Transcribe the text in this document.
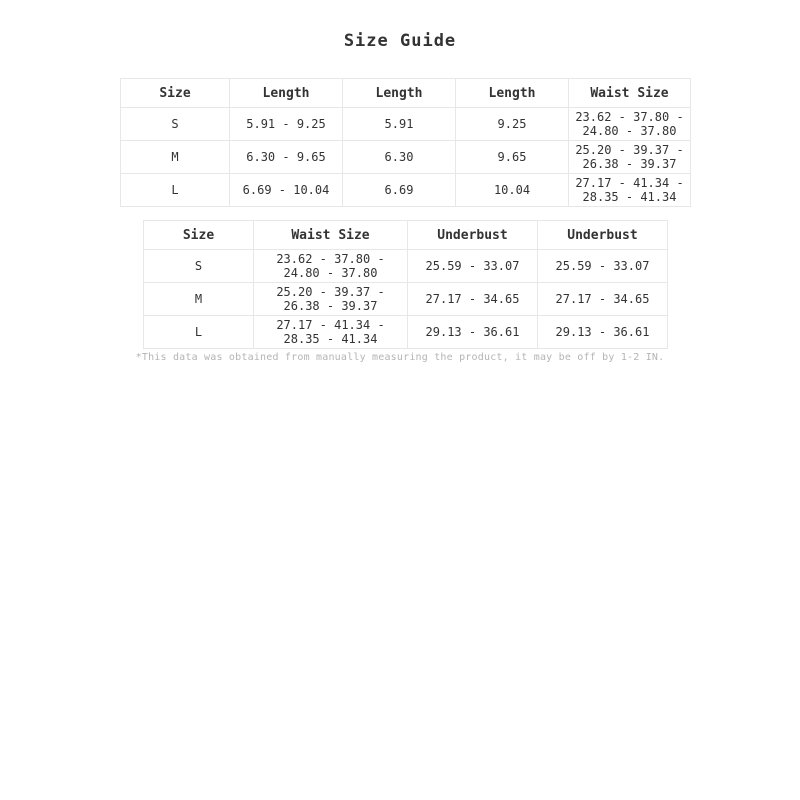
Size Guide
Size	Length	Length	Length	Waist Size
S	5.91 - 9.25	5.91	9.25	23.62 - 37.80 - 24.80 - 37.80
M	6.30 - 9.65	6.30	9.65	25.20 - 39.37 - 26.38 - 39.37
L	6.69 - 10.04	6.69	10.04	27.17 - 41.34 - 28.35 - 41.34
Size	Waist Size	Underbust	Underbust
S	23.62 - 37.80 - 24.80 - 37.80	25.59 - 33.07	25.59 - 33.07
M	25.20 - 39.37 - 26.38 - 39.37	27.17 - 34.65	27.17 - 34.65
L	27.17 - 41.34 - 28.35 - 41.34	29.13 - 36.61	29.13 - 36.61
*This data was obtained from manually measuring the product, it may be off by 1-2 IN.
